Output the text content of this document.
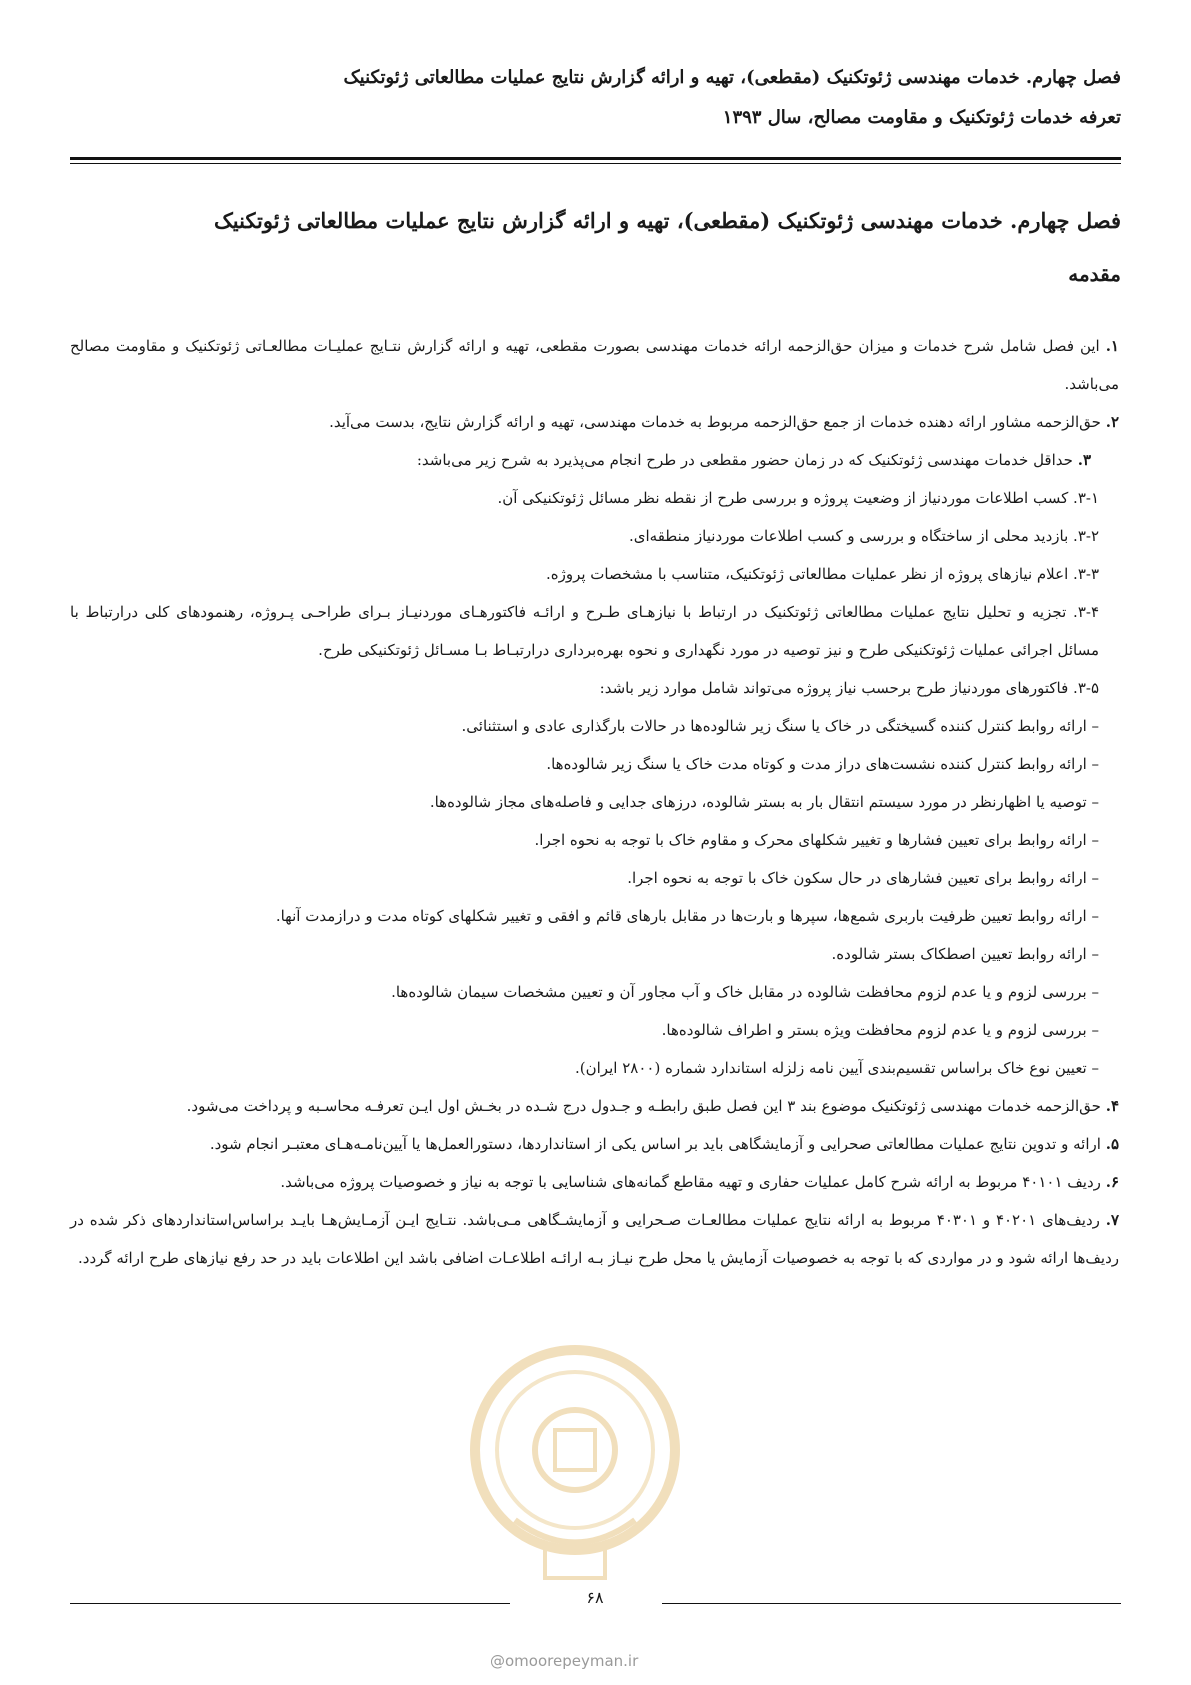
فصل چهارم. خدمات مهندسی ژئوتکنیک (مقطعی)، تهیه و ارائه گزارش نتایج عملیات مطالعاتی ژئوتکنیک
تعرفه خدمات ژئوتکنیک و مقاومت مصالح، سال ۱۳۹۳
فصل چهارم. خدمات مهندسی ژئوتکنیک (مقطعی)، تهیه و ارائه گزارش نتایج عملیات مطالعاتی ژئوتکنیک
مقدمه

۱. این فصل شامل شرح خدمات و میزان حق‌الزحمه ارائه خدمات مهندسی بصورت مقطعی، تهیه و ارائه گزارش نتـایج عملیـات مطالعـاتی ژئوتکنیک و مقاومت مصالح می‌باشد.

۲. حق‌الزحمه مشاور ارائه دهنده خدمات از جمع حق‌الزحمه مربوط به خدمات مهندسی، تهیه و ارائه گزارش نتایج، بدست می‌آید.

۳. حداقل خدمات مهندسی ژئوتکنیک که در زمان حضور مقطعی در طرح انجام می‌پذیرد به شرح زیر می‌باشد:

۳-۱. کسب اطلاعات موردنیاز از وضعیت پروژه و بررسی طرح از نقطه نظر مسائل ژئوتکنیکی آن.

۳-۲. بازدید محلی از ساختگاه و بررسی و کسب اطلاعات موردنیاز منطقه‌ای.

۳-۳. اعلام نیازهای پروژه از نظر عملیات مطالعاتی ژئوتکنیک، متناسب با مشخصات پروژه.

۳-۴. تجزیه و تحلیل نتایج عملیات مطالعاتی ژئوتکنیک در ارتباط با نیازهـای طـرح و ارائـه فاکتورهـای موردنیـاز بـرای طراحـی پـروژه، رهنمودهای کلی درارتباط با مسائل اجرائی عملیات ژئوتکنیکی طرح و نیز توصیه در مورد نگهداری و نحوه بهره‌برداری درارتبـاط بـا مسـائل ژئوتکنیکی طرح.

۳-۵. فاکتورهای موردنیاز طرح برحسب نیاز پروژه می‌تواند شامل موارد زیر باشد:

– ارائه روابط کنترل کننده گسیختگی در خاک یا سنگ زیر شالوده‌ها در حالات بارگذاری عادی و استثنائی.

– ارائه روابط کنترل کننده نشست‌های دراز مدت و کوتاه مدت خاک یا سنگ زیر شالوده‌ها.

– توصیه یا اظهارنظر در مورد سیستم انتقال بار به بستر شالوده، درزهای جدایی و فاصله‌های مجاز شالوده‌ها.

– ارائه روابط برای تعیین فشارها و تغییر شکلهای محرک و مقاوم خاک با توجه به نحوه اجرا.

– ارائه روابط برای تعیین فشارهای در حال سکون خاک با توجه به نحوه اجرا.

– ارائه روابط تعیین ظرفیت باربری شمع‌ها، سپرها و بارت‌ها در مقابل بارهای قائم و افقی و تغییر شکلهای کوتاه مدت و درازمدت آنها.

– ارائه روابط تعیین اصطکاک بستر شالوده.

– بررسی لزوم و یا عدم لزوم محافظت شالوده در مقابل خاک و آب مجاور آن و تعیین مشخصات سیمان شالوده‌ها.

– بررسی لزوم و یا عدم لزوم محافظت ویژه بستر و اطراف شالوده‌ها.

– تعیین نوع خاک براساس تقسیم‌بندی آیین نامه زلزله استاندارد شماره (۲۸۰۰ ایران).

۴. حق‌الزحمه خدمات مهندسی ژئوتکنیک موضوع بند ۳ این فصل طبق رابطـه و جـدول درج شـده در بخـش اول ایـن تعرفـه محاسـبه و پرداخت می‌شود.

۵. ارائه و تدوین نتایج عملیات مطالعاتی صحرایی و آزمایشگاهی باید بر اساس یکی از استانداردها، دستورالعمل‌ها یا آیین‌نامـه‌هـای معتبـر انجام شود.

۶. ردیف ۴۰۱۰۱ مربوط به ارائه شرح کامل عملیات حفاری و تهیه مقاطع گمانه‌های شناسایی با توجه به نیاز و خصوصیات پروژه می‌باشد.

۷. ردیف‌های ۴۰۲۰۱ و ۴۰۳۰۱ مربوط به ارائه نتایج عملیات مطالعـات صـحرایی و آزمایشـگاهی مـی‌باشد. نتـایج ایـن آزمـایش‌هـا بایـد براساس‌استانداردهای ذکر شده در ردیف‌ها ارائه شود و در مواردی که با توجه به خصوصیات آزمایش یا محل طرح نیـاز بـه ارائـه اطلاعـات اضافی باشد این اطلاعات باید در حد رفع نیازهای طرح ارائه گردد.

۶۸
@omoorepeyman.ir
